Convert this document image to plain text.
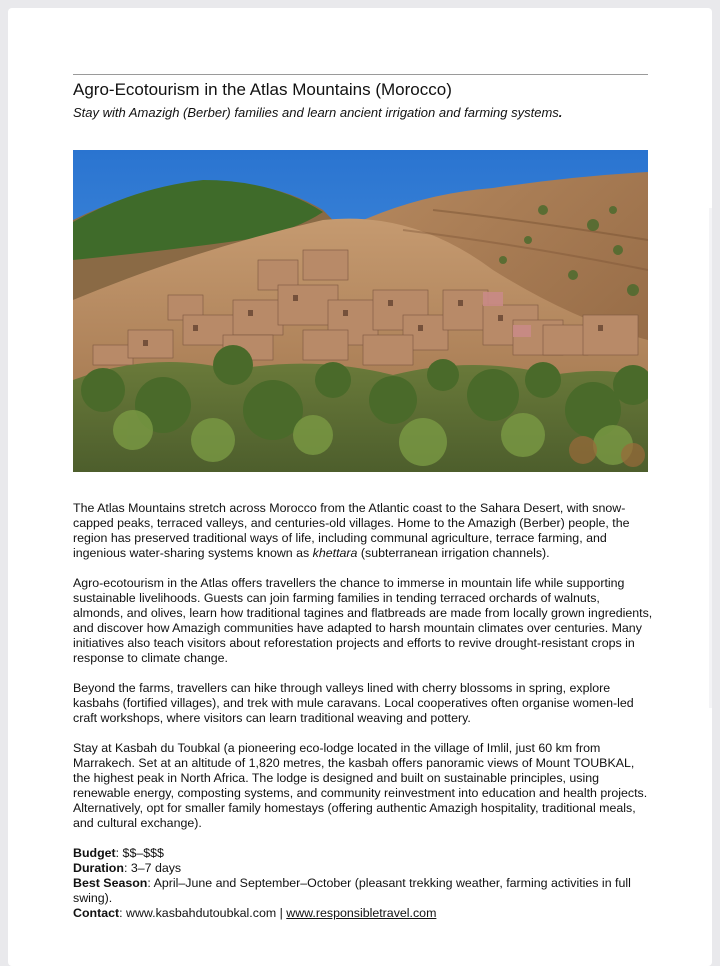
Agro-Ecotourism in the Atlas Mountains (Morocco)
Stay with Amazigh (Berber) families and learn ancient irrigation and farming systems.

The Atlas Mountains stretch across Morocco from the Atlantic coast to the Sahara Desert, with snow-capped peaks, terraced valleys, and centuries-old villages. Home to the Amazigh (Berber) people, the region has preserved traditional ways of life, including communal agriculture, terrace farming, and ingenious water-sharing systems known as khettara (subterranean irrigation channels).

Agro-ecotourism in the Atlas offers travellers the chance to immerse in mountain life while supporting sustainable livelihoods. Guests can join farming families in tending terraced orchards of walnuts, almonds, and olives, learn how traditional tagines and flatbreads are made from locally grown ingredients, and discover how Amazigh communities have adapted to harsh mountain climates over centuries. Many initiatives also teach visitors about reforestation projects and efforts to revive drought-resistant crops in response to climate change.

Beyond the farms, travellers can hike through valleys lined with cherry blossoms in spring, explore kasbahs (fortified villages), and trek with mule caravans. Local cooperatives often organise women-led craft workshops, where visitors can learn traditional weaving and pottery.

Stay at Kasbah du Toubkal (a pioneering eco-lodge located in the village of Imlil, just 60 km from Marrakech. Set at an altitude of 1,820 metres, the kasbah offers panoramic views of Mount TOUBKAL, the highest peak in North Africa. The lodge is designed and built on sustainable principles, using renewable energy, composting systems, and community reinvestment into education and health projects. Alternatively, opt for smaller family homestays (offering authentic Amazigh hospitality, traditional meals, and cultural exchange).

Budget: $$–$$$
Duration: 3–7 days
Best Season: April–June and September–October (pleasant trekking weather, farming activities in full swing).
Contact: www.kasbahdutoubkal.com | www.responsibletravel.com
